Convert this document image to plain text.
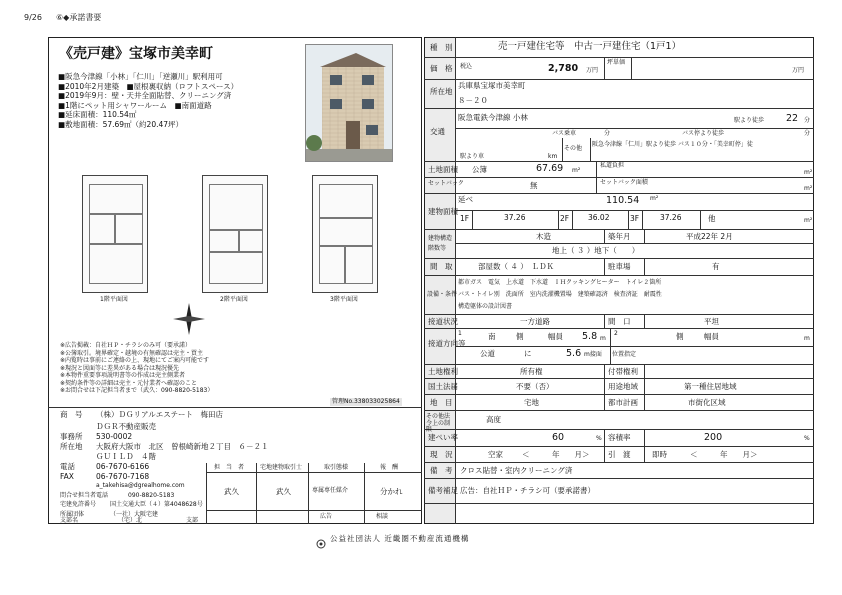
9/26 ⑥◆承諾書要
《売戸建》宝塚市美幸町
■阪急今津線「小林」「仁川」「逆瀬川」駅利用可
■2010年2月建築　■屋根裏収納（ロフトスペース）
■2019年9月：壁・天井全面貼替、クリーニング済
■1階にペット用シャワールーム　■南面道路
■延床面積：110.54㎡
■敷地面積：57.69㎡（約20.47坪）
1階平面図	2階平面図	3階平面図
※広告掲載：自社ＨＰ・チラシのみ可（要承諾）
※公簿取引。境界確定・越境の有無確認は売主・買主
※内覧時は事前にご連絡の上、現地にてご案内可能です
※現況と図面等に差異がある場合は現況優先
※本物件重要事項説明書等の作成は売主側業者
※契約条件等の詳細は売主・元付業者へ確認のこと
※お問合せは下記担当者まで（武久：090-8820-5183）
管理No.338033025864
商　号 （株）ＤＧリアルエステート　梅田店
ＤＧＲ不動産販売
事務所 530-0002
所在地 大阪府大阪市　北区　曾根崎新地２丁目　６－２１
ＧＵＩＬＤ　４階
電話	06-7670-6166
FAX	06-7670-7168
a_takehisa@dgrealhome.com
問合せ担当者電話	090-8820-5183
宅建免許番号 国土交通大臣（４）第4048628号
所属団体	（一社）大阪宅建
支部名	（宅）北	支部
担　当　者	宅地建物取引士	取引態様	報　酬
武久	武久	専属専任媒介	分かれ
広告	相談
種　別	売一戸建住宅等　中古一戸建住宅（1戸1）
価　格 税込	2,780 万円
坪単価
万円
所在地
兵庫県宝塚市美幸町
８－２０
交通
阪急電鉄今津線 小林	駅より徒歩 22 分
バス乗車	分	バス停より徒歩	分
その他
阪急今津線「仁川」駅より徒歩 バス１０分・「美幸町停」徒
駅より車	km
土地面積 公簿	67.69 m²
私道負担
m²
セットバック	無	セットバック面積
m²
建物面積
延べ	110.54 m²
1F	37.26	2F	36.02	3F	37.26	他	m²
建物構造
階数等
木造	築年月	平成22年 2月
地上（ ３ ）地下（　　）
間　取	部屋数（ ４ ）　ＬＤＫ	駐車場	有
設備・条件
都市ガス　電気　上水道　下水道　ＩＨクッキングヒーター　トイレ２箇所
バス・トイレ別　洗面所　室内洗濯機置場　建築確認済　検査済証　耐震性
構造躯体の設計図書
接道状況	一方道路	間　口	平坦
接道方向等
1	南	側	幅員 5.8 m
2	側	幅員	m
公道	に	5.6 m接面 位置指定
土地権利	所有権	付帯権利
国土法届	不要（否）	用途地域	第一種住居地域
地　目	宅地	都市計画	市街化区域
その他法令上の制限
高度
建ぺい率	60	% 容積率	200	%
現　況	空家	＜　　　年　　月＞ 引　渡	即時	＜　　　年　　月＞
備　考 クロス貼替・室内クリーニング済
備考補足 広告：自社ＨＰ・チラシ可（要承諾書）
公益社団法人 近畿圏不動産流通機構
